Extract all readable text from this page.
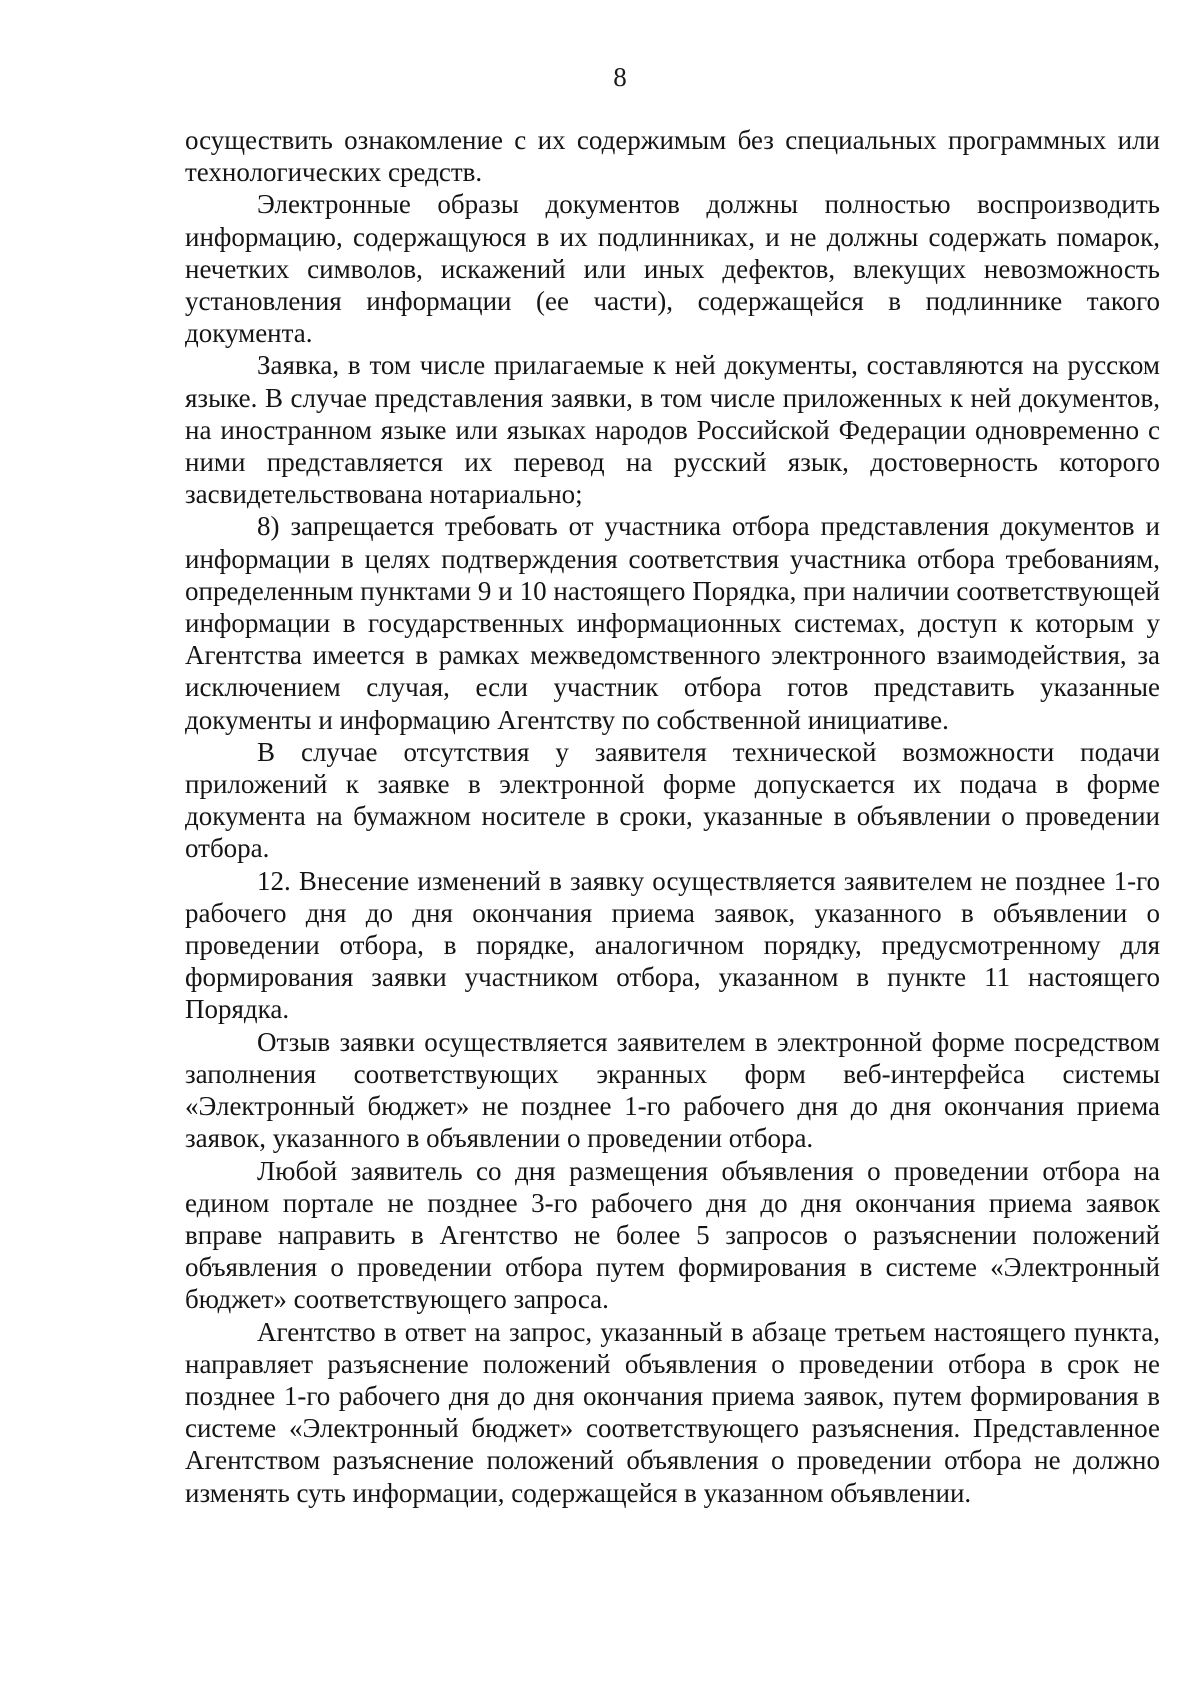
8

осуществить ознакомление с их содержимым без специальных программных или технологических средств.

Электронные образы документов должны полностью воспроизводить информацию, содержащуюся в их подлинниках, и не должны содержать помарок, нечетких символов, искажений или иных дефектов, влекущих невозможность установления информации (ее части), содержащейся в подлиннике такого документа.

Заявка, в том числе прилагаемые к ней документы, составляются на русском языке. В случае представления заявки, в том числе приложенных к ней документов, на иностранном языке или языках народов Российской Федерации одновременно с ними представляется их перевод на русский язык, достоверность которого засвидетельствована нотариально;

8) запрещается требовать от участника отбора представления документов и информации в целях подтверждения соответствия участника отбора требованиям, определенным пунктами 9 и 10 настоящего Порядка, при наличии соответствующей информации в государственных информационных системах, доступ к которым у Агентства имеется в рамках межведомственного электронного взаимодействия, за исключением случая, если участник отбора готов представить указанные документы и информацию Агентству по собственной инициативе.

В случае отсутствия у заявителя технической возможности подачи приложений к заявке в электронной форме допускается их подача в форме документа на бумажном носителе в сроки, указанные в объявлении о проведении отбора.

12. Внесение изменений в заявку осуществляется заявителем не позднее 1-го рабочего дня до дня окончания приема заявок, указанного в объявлении о проведении отбора, в порядке, аналогичном порядку, предусмотренному для формирования заявки участником отбора, указанном в пункте 11 настоящего Порядка.

Отзыв заявки осуществляется заявителем в электронной форме посредством заполнения соответствующих экранных форм веб-интерфейса системы «Электронный бюджет» не позднее 1-го рабочего дня до дня окончания приема заявок, указанного в объявлении о проведении отбора.

Любой заявитель со дня размещения объявления о проведении отбора на едином портале не позднее 3-го рабочего дня до дня окончания приема заявок вправе направить в Агентство не более 5 запросов о разъяснении положений объявления о проведении отбора путем формирования в системе «Электронный бюджет» соответствующего запроса.

Агентство в ответ на запрос, указанный в абзаце третьем настоящего пункта, направляет разъяснение положений объявления о проведении отбора в срок не позднее 1-го рабочего дня до дня окончания приема заявок, путем формирования в системе «Электронный бюджет» соответствующего разъяснения. Представленное Агентством разъяснение положений объявления о проведении отбора не должно изменять суть информации, содержащейся в указанном объявлении.
